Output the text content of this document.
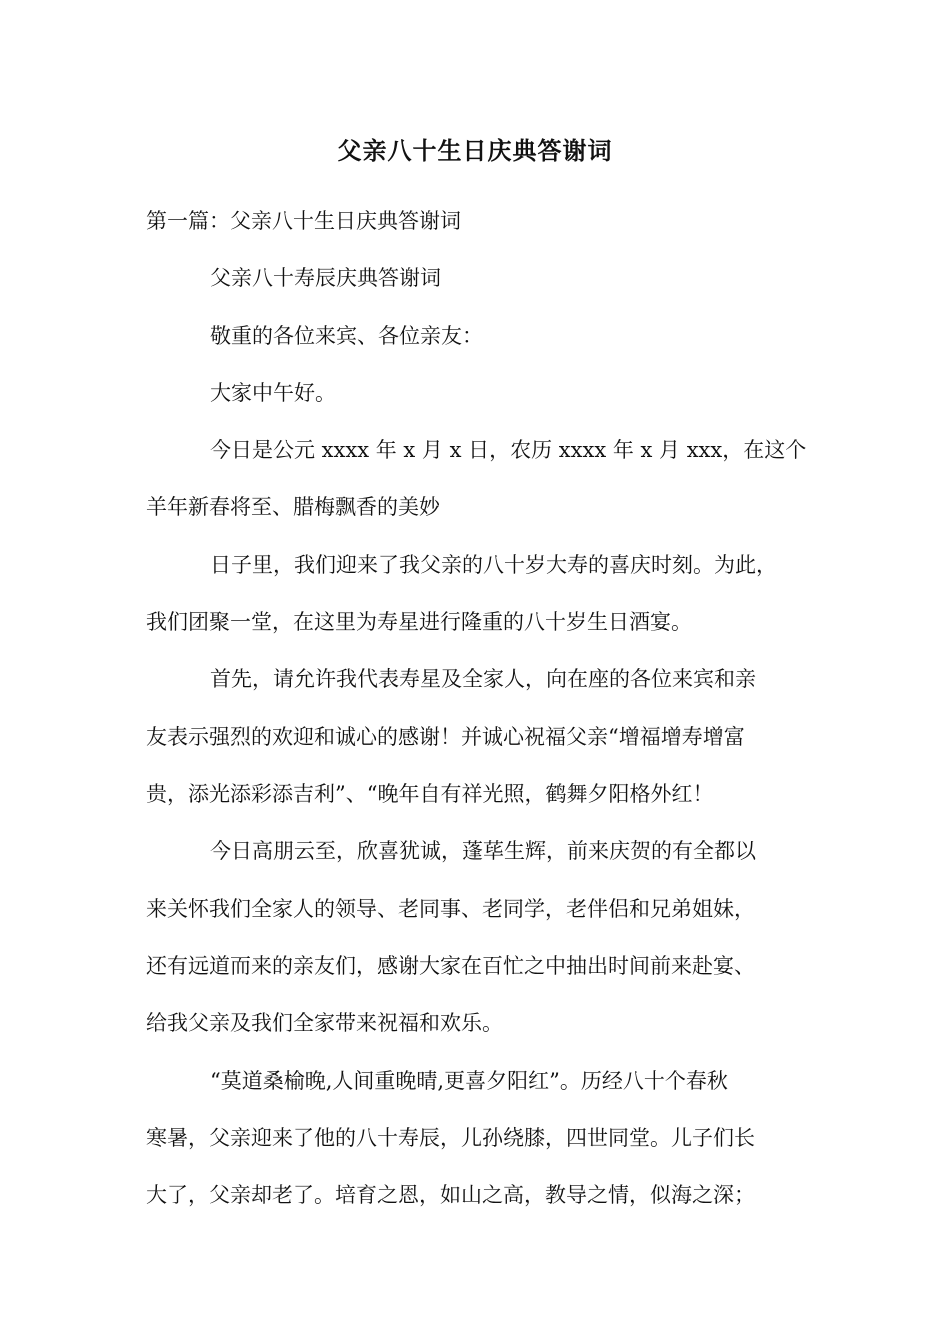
父亲八十生日庆典答谢词
第一篇：父亲八十生日庆典答谢词
父亲八十寿辰庆典答谢词
敬重的各位来宾、各位亲友：
大家中午好。
今日是公元 xxxx 年 x 月 x 日，农历 xxxx 年 x 月 xxx，在这个
羊年新春将至、腊梅飘香的美妙
日子里，我们迎来了我父亲的八十岁大寿的喜庆时刻。为此，
我们团聚一堂，在这里为寿星进行隆重的八十岁生日酒宴。
首先，请允许我代表寿星及全家人，向在座的各位来宾和亲
友表示强烈的欢迎和诚心的感谢！并诚心祝福父亲“增福增寿增富
贵，添光添彩添吉利”、“晚年自有祥光照，鹤舞夕阳格外红！
今日高朋云至，欣喜犹诚，蓬荜生辉，前来庆贺的有全都以
来关怀我们全家人的领导、老同事、老同学，老伴侣和兄弟姐妹，
还有远道而来的亲友们，感谢大家在百忙之中抽出时间前来赴宴、
给我父亲及我们全家带来祝福和欢乐。
“莫道桑榆晚,人间重晚晴,更喜夕阳红”。历经八十个春秋
寒暑，父亲迎来了他的八十寿辰，儿孙绕膝，四世同堂。儿子们长
大了，父亲却老了。培育之恩，如山之高，教导之情，似海之深；
